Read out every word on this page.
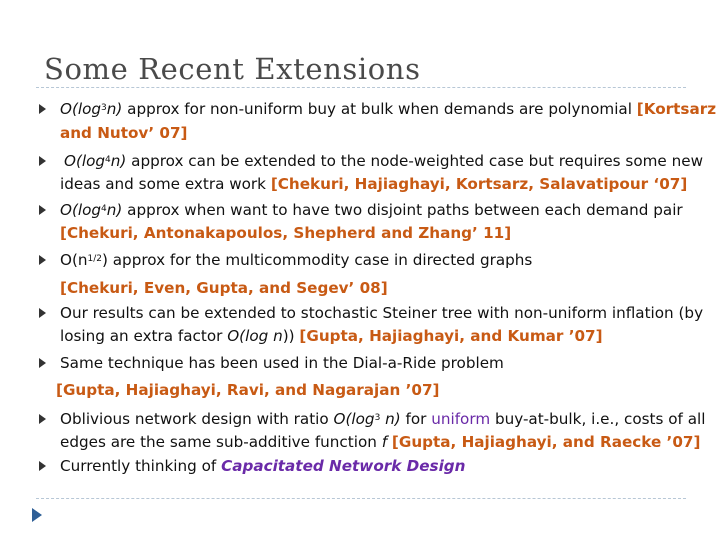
Some Recent Extensions
$O(\log^3n)$ approx for non-uniform buy at bulk when demands are polynomial [Kortsarz
and Nutov’ 07]
$O(\log^4n)$ approx can be extended to the node-weighted case but requires some new
ideas and some extra work [Chekuri, Hajiaghayi, Kortsarz, Salavatipour ‘07]
$O(\log^4n)$ approx when want to have two disjoint paths between each demand pair
[Chekuri, Antonakapoulos, Shepherd and Zhang’ 11]
$O(n^{1/2})$ approx for the multicommodity case in directed graphs
[Chekuri, Even, Gupta, and Segev’ 08]
Our results can be extended to stochastic Steiner tree with non-uniform inflation (by
losing an extra factor O(log n)) [Gupta, Hajiaghayi, and Kumar ’07]
Same technique has been used in the Dial-a-Ride problem
[Gupta, Hajiaghayi, Ravi, and Nagarajan ’07]
Oblivious network design with ratio $O(\log^3$ n) for uniform buy-at-bulk, i.e., costs of all
edges are the same sub-additive function f [Gupta, Hajiaghayi, and Raecke ’07]
Currently thinking of Capacitated Network Design
